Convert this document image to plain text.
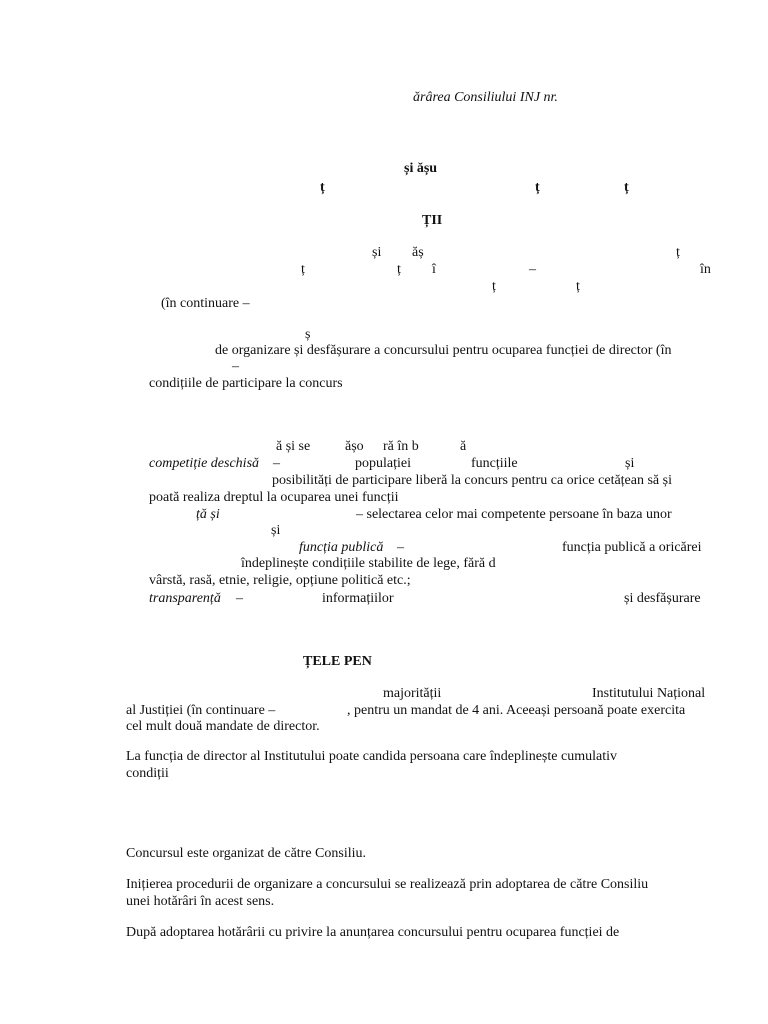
ărârea Consiliului INJ nr.
și ǎșu
ț	ț	ț
ȚII
și ăș	ț
ț	ț î	–	în
ț	ț
(în continuare –
ș
de organizare și desfășurare a concursului pentru ocuparea funcției de director (în
–
condițiile de participare la concurs
ă și se ășo ră în b	ă
competiție deschisă –	populației	funcțiile	și
posibilități de participare liberă la concurs pentru ca orice cetățean să și
poată realiza dreptul la ocuparea unei funcții
ță și	– selectarea celor mai competente persoane în baza unor
și
funcția publică –	funcția publică a oricărei
îndeplinește condițiile stabilite de lege, fără d
vârstă, rasă, etnie, religie, opțiune politică etc.;
transparență –	informațiilor	și desfășurare
ȚELE PEN
majorității	Institutului Național
al Justiției (în continuare –	, pentru un mandat de 4 ani. Aceeași persoană poate exercita
cel mult două mandate de director.
La funcția de director al Institutului poate candida persoana care îndeplinește cumulativ
condiții
Concursul este organizat de către Consiliu.
Inițierea procedurii de organizare a concursului se realizează prin adoptarea de către Consiliu
unei hotărâri în acest sens.
După adoptarea hotărârii cu privire la anunțarea concursului pentru ocuparea funcției de
